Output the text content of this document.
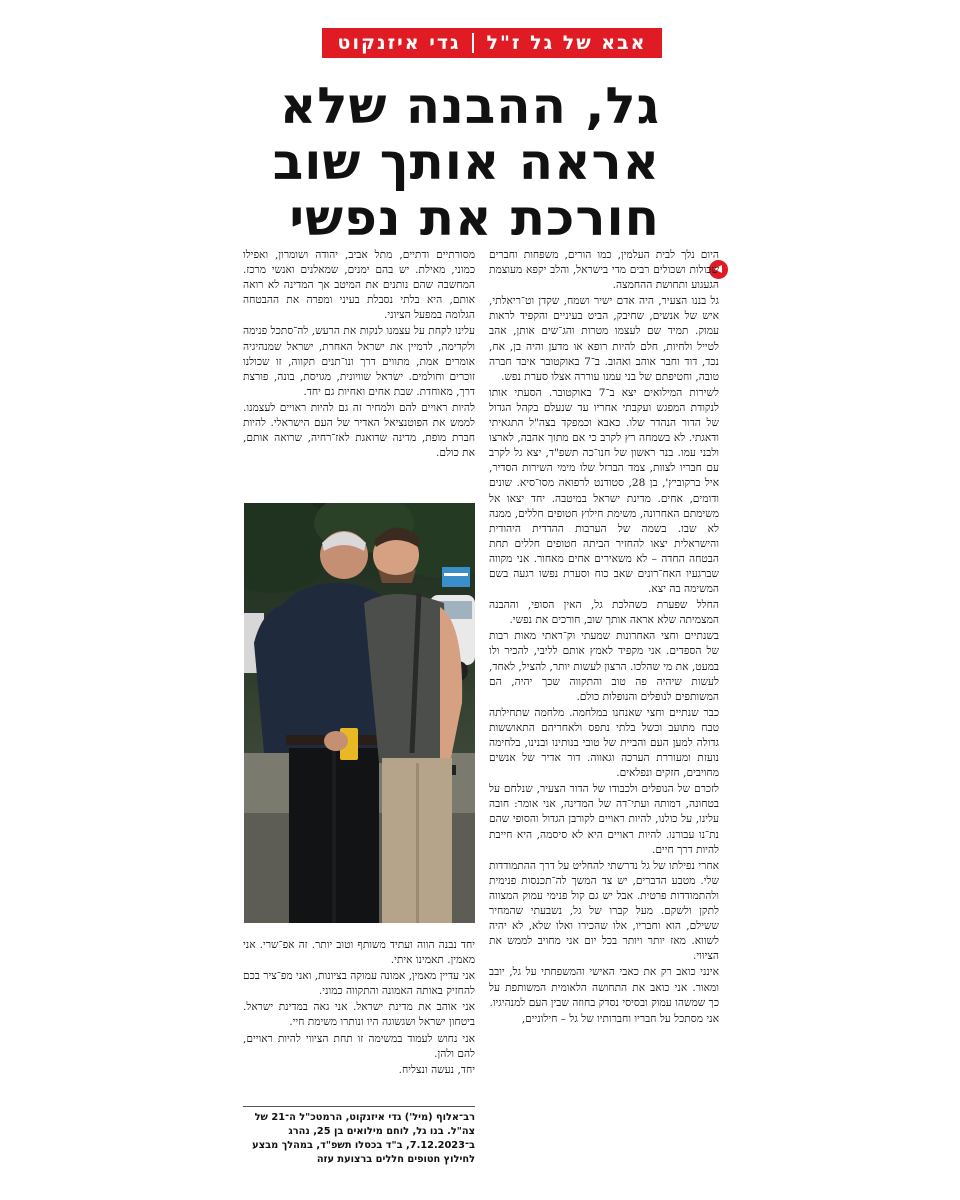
אבא של גל ז"ל
גדי איזנקוט
גל, ההבנה שלא
אראה אותך שוב
חורכת את נפשי

היום נלך לבית העלמין, כמו הורים, משפחות וחברים שכולות ושכולים רבים מדי בישראל, והלב יקפא מעוצמת הגעגוע ותחושת ההחמצה.

גל בננו הצעיר, היה אדם ישיר ושמח, שקדן וט־ריאלתי, איש של אנשים, שחיבק, הביט בעיניים והקפיד לראות עמוק. תמיד שם לעצמו מטרות והג־שים אותן, אהב לטייל ולחיות, חלם להיות רופא או מדען והיה בן, אח, נכד, דוד וחבר אוהב ואהוב. ב־7 באוקטובר איבד חברה טובה, וחטיפתם של בני עמנו עוררה אצלו סערת נפש.

לשירות המילואים יצא ב־7 באוקטובר. הסעתי אותו לנקודת המפגש ועקבתי אחריו עד שנעלם בקהל הגדול של הדור הנהדר שלו. כאבא וכמפקד בצה"ל התגאיתי ודאגתי. לא בשמחה רץ לקרב כי אם מתוך אהבה, לארצו ולבני עמו. בנר ראשון של חנו־כה תשפ"ד, יצא גל לקרב עם חבריו לצוות, צמד הברזל שלו מימי השירות הסדיר, איל ברקוביץ', בן 28, סטודנט לרפואה מסו־סיא. שונים ודומים, אחים. מדינת ישראל במיטבה. יחד יצאו אל משימתם האחרונה, משימת חילוץ חטופים חללים, ממנה לא שבו. בשמה של הערבות ההדדית היהודית והישראלית יצאו להחזיר הביתה חטופים חללים תחת הבטחה החדה – לא משאירים אחים מאחור. אני מקווה שברגעיו האח־רונים שאב כוח וסערת נפשו רגעה בשם המשימה בה יצא.

החלל שפערת כשהלכת גל, האין הסופי, וההבנה המצמיתה שלא אראה אותך שוב, חורכים את נפשי.

בשנתיים וחצי האחרונות שמעתי וק־ראתי מאות רבות של הספדים. אני מקפיד לאמץ אותם לליבי, להכיר ולו במעט, את מי שהלכו. הרצון לעשות יותר, להציל, לאחד, לעשות שיהיה פה טוב והתקווה שכך יהיה, הם המשותפים לנופלים והנופלות כולם.

כבר שנתיים וחצי שאנחנו במלחמה. מלחמה שתחילתה טבח מתועב וכשל בלתי נתפס ולאחריהם התאוששות גדולה למען העם והביית של טובי בנותינו ובנינו, בלחימה נועזת ומעוררת הערכה וגאווה. דור אדיר של אנשים מחויבים, חזקים ונפלאים.

לזכרם של הנופלים ולכבודו של הדור הצעיר, שנלחם על בטחונה, דמותה ועתי־דה של המדינה, אני אומר: חובה עלינו, על כולנו, להיות ראויים לקורבן הגדול והסופי שהם נת־נו עבורנו. להיות ראויים היא לא סיסמה, היא חייבת להיות דרך חיים.

אחרי נפילתו של גל נדרשתי להחליט על דרך ההתמודדות שלי. מטבע הדברים, יש צד המשך לה־תכנסות פנימית ולהתמודדות פרטית. אבל יש גם קול פנימי עמוק המצווה לתקן ולשקם. מעל קברו של גל, נשבעתי שהמחיר ששילם, הוא וחבריו, אלו שהכירו ואלו שלא, לא יהיה לשווא. מאז יותר ויותר בכל יום אני מחויב לממש את הציווי.

אינני כואב רק את כאבי האישי והמשפחתי על גל, יובב ומאור. אני כואב את התחושה הלאומית המשותפת על כך שמשהו עמוק ובסיסי נסדק בחוזה שבין העם למנהיגיו.

אני מסתכל על חבריו וחברותיו של גל – חילוניים,

מסורתיים ודתיים, מתל אביב, יהודה ושומרון, ואפילו כמוני, מאילת. יש בהם ימנים, שמאלנים ואנשי מרכז. המחשבה שהם נותנים את המיטב אך המדינה לא רואה אותם, היא בלתי נסבלת בעיני ומפרה את ההבטחה הגלומה במפעל הציוני.

עלינו לקחת על עצמנו לנקות את הרעש, לה־סתכל פנימה ולקדימה, לדמיין את ישראל האחרת, ישראל שמנהיגיה אומרים אמת, מתווים דרך ונו־תנים תקווה, זו שכולנו זוכרים וחולמים. ישראל שוויונית, מגויסת, בונה, פורצת דרך, מאוחדת. שבת אחים ואחיות גם יחד.

להיות ראויים להם ולמחיר זה גם להיות ראויים לעצמנו. לממש את הפוטנציאל האדיר של העם הישראלי. להיות חברת מופת, מדינה שדואגת לאז־רחיה, שרואה אותם, את כולם.

יחד נבנה הווה ועתיד משותף וטוב יותר. זה אפ־שרי. אני מאמין. תאמינו איתי.

אני עדיין מאמין, אמונה עמוקה בציונות, ואני מפ־ציר בכם להחזיק באותה האמונה והתקווה כמוני.

אני אוהב את מדינת ישראל. אני גאה במדינת ישראל. ביטחון ישראל ושגשוגה היו ונותרו משימת חיי.

אני נחוש לעמוד במשימה זו תחת הציווי להיות ראויים, להם ולהן.

יחד, נעשה ונצליח.

רב־אלוף (מיל') גדי איזנקוט, הרמטכ"ל ה־21 של צה"ל. בנו גל, לוחם מילואים בן 25, נהרג ב־7.12.2023, ב"ד בכסלו תשפ"ד, במהלך מבצע לחילוץ חטופים חללים ברצועת עזה
